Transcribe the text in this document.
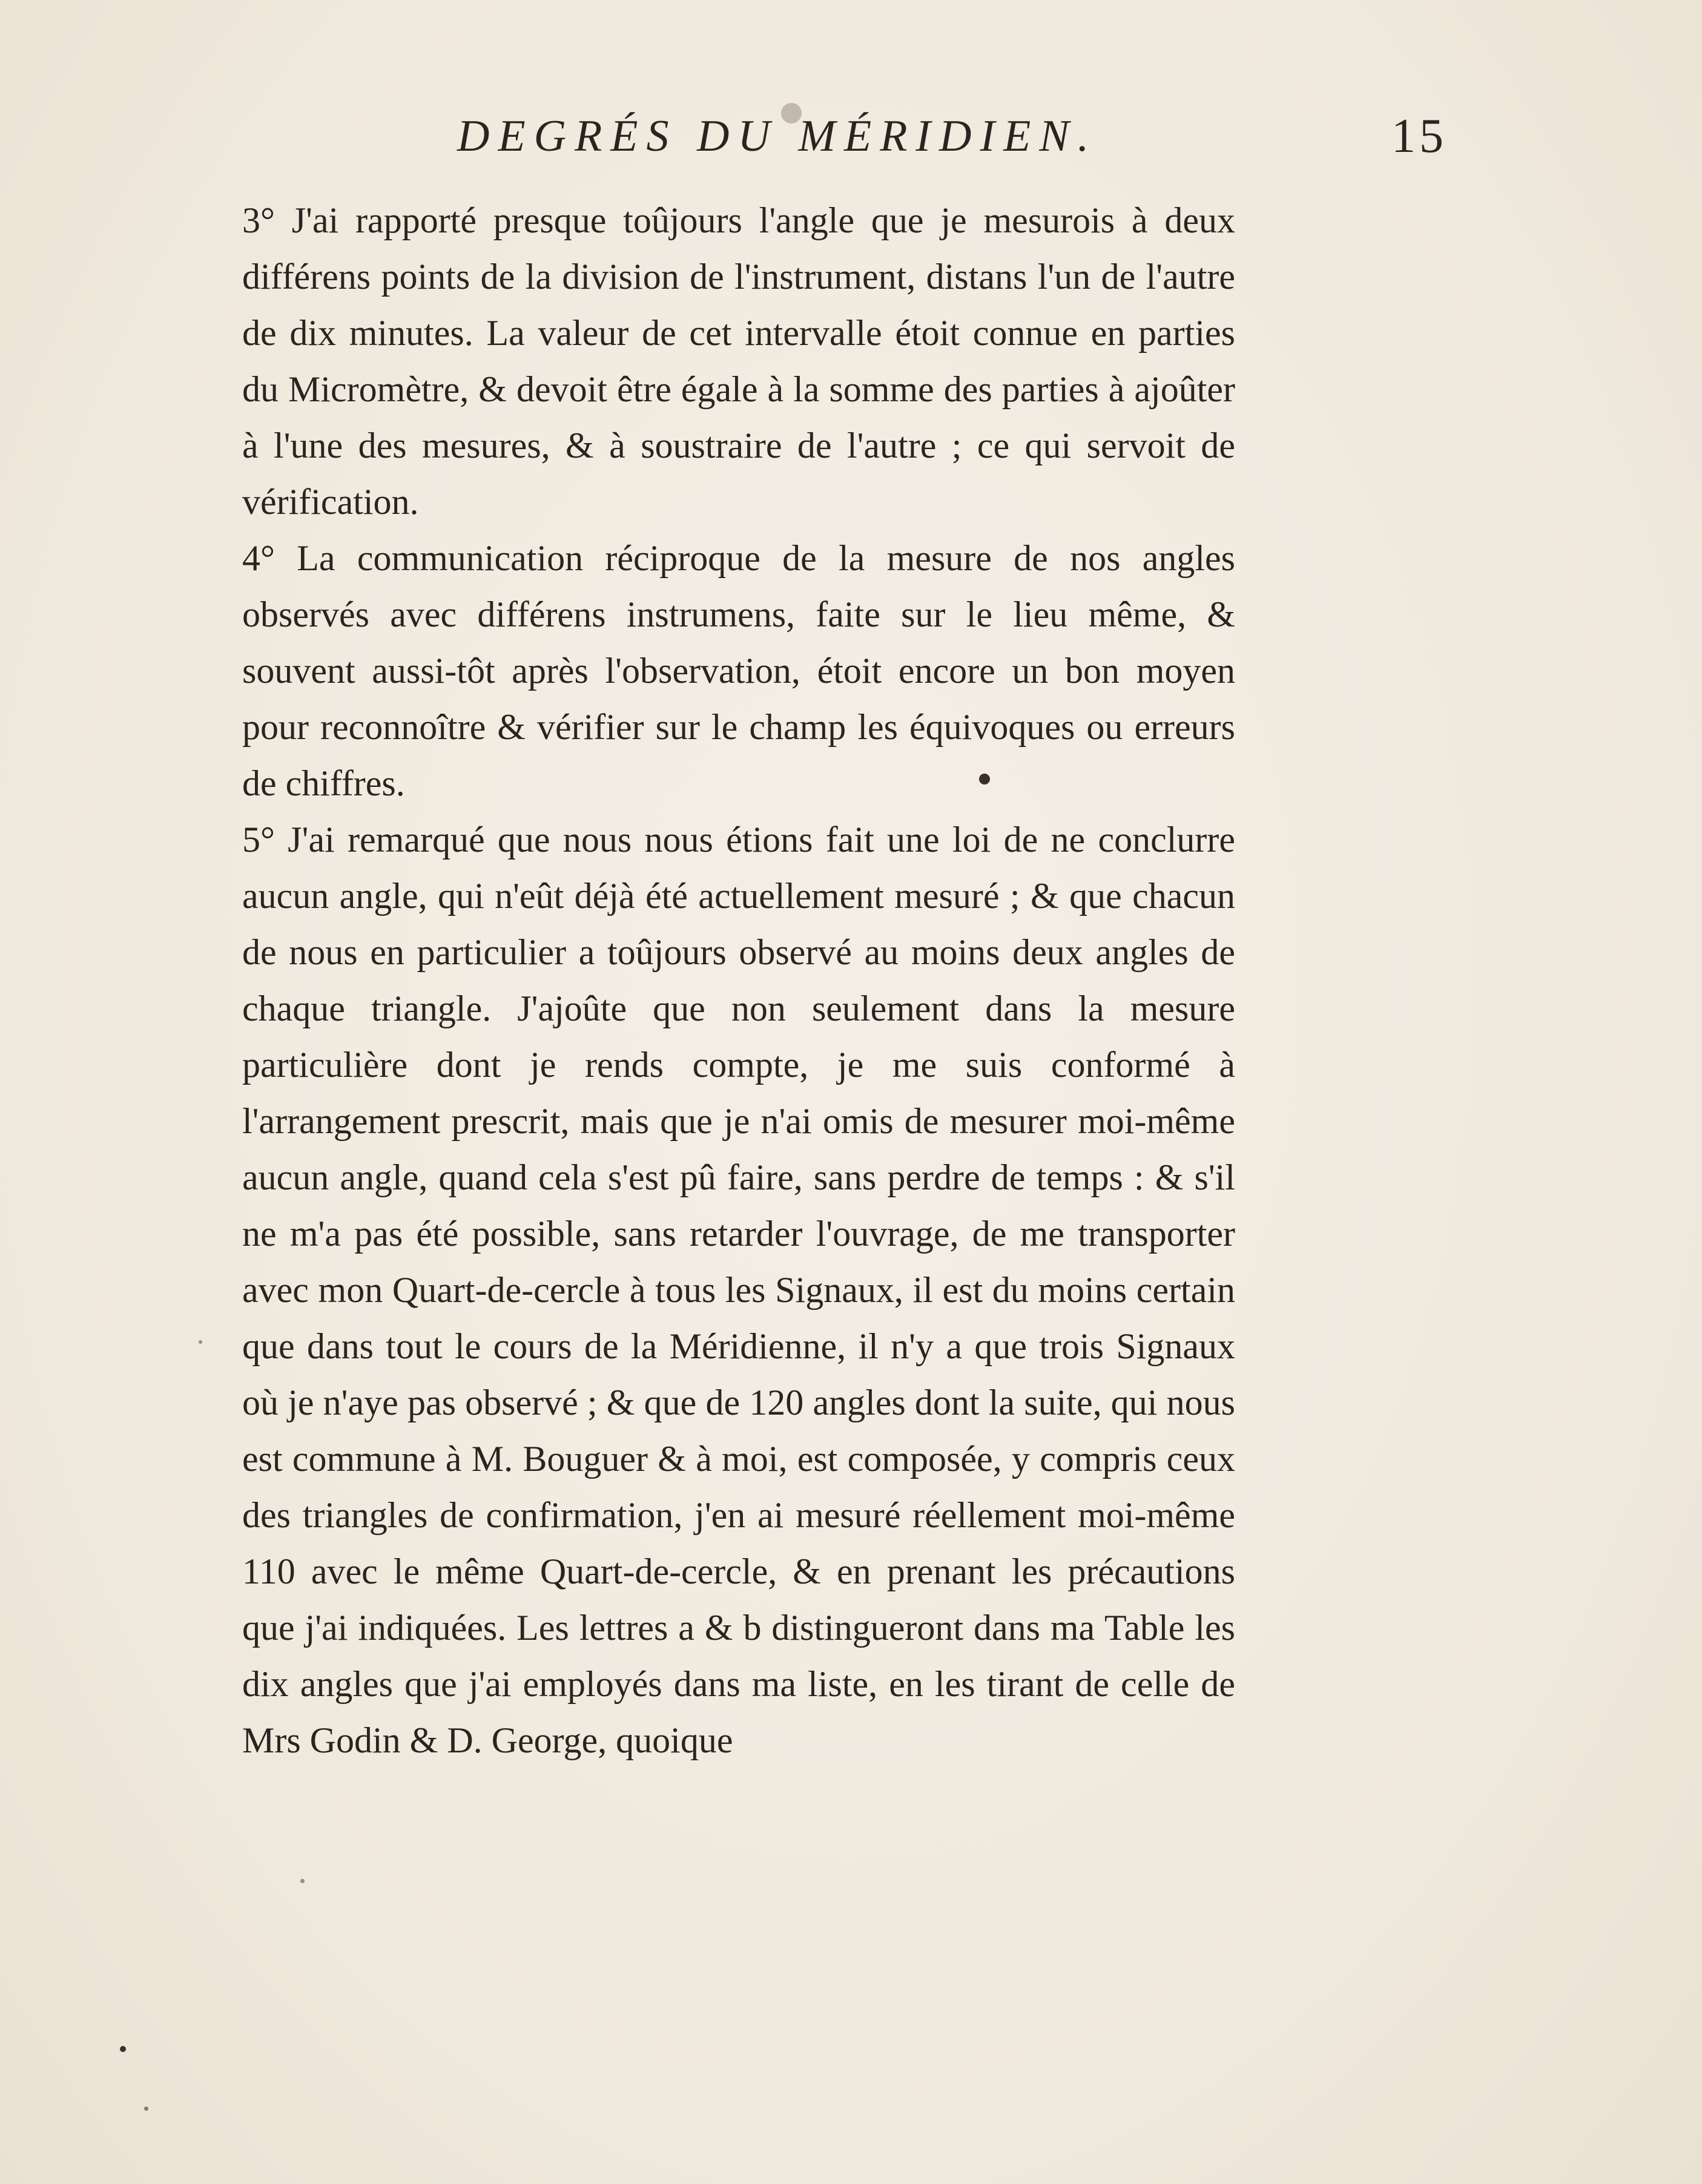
DEGRÉS DU MÉRIDIEN.	15

3° J'ai rapporté presque toûjours l'angle que je mesurois à deux différens points de la division de l'instrument, distans l'un de l'autre de dix minutes. La valeur de cet intervalle étoit connue en parties du Micromètre, & devoit être égale à la somme des parties à ajoûter à l'une des mesures, & à soustraire de l'autre ; ce qui servoit de vérification.

4° La communication réciproque de la mesure de nos angles observés avec différens instrumens, faite sur le lieu même, & souvent aussi-tôt après l'observation, étoit encore un bon moyen pour reconnoître & vérifier sur le champ les équivoques ou erreurs de chiffres.

5° J'ai remarqué que nous nous étions fait une loi de ne conclurre aucun angle, qui n'eût déjà été actuellement mesuré ; & que chacun de nous en particulier a toûjours observé au moins deux angles de chaque triangle. J'ajoûte que non seulement dans la mesure particulière dont je rends compte, je me suis conformé à l'arrangement prescrit, mais que je n'ai omis de mesurer moi-même aucun angle, quand cela s'est pû faire, sans perdre de temps : & s'il ne m'a pas été possible, sans retarder l'ouvrage, de me transporter avec mon Quart-de-cercle à tous les Signaux, il est du moins certain que dans tout le cours de la Méridienne, il n'y a que trois Signaux où je n'aye pas observé ; & que de 120 angles dont la suite, qui nous est commune à M. Bouguer & à moi, est composée, y compris ceux des triangles de confirmation, j'en ai mesuré réellement moi-même 110 avec le même Quart-de-cercle, & en prenant les précautions que j'ai indiquées. Les lettres a & b distingueront dans ma Table les dix angles que j'ai employés dans ma liste, en les tirant de celle de Mrs Godin & D. George, quoique
